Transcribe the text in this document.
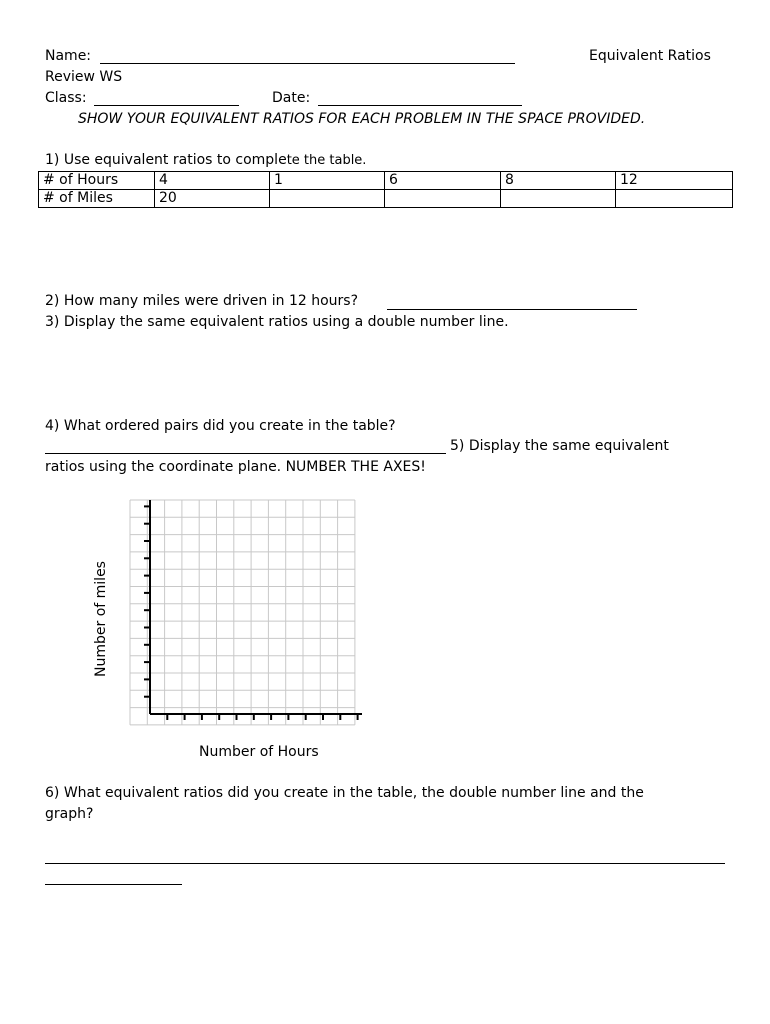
Name:	Equivalent Ratios
Review WS
Class:	Date:
SHOW YOUR EQUIVALENT RATIOS FOR EACH PROBLEM IN THE SPACE PROVIDED.
1) Use equivalent ratios to complete the table.
# of Hours	4	1	6	8	12
# of Miles	20				
2) How many miles were driven in 12 hours?
3) Display the same equivalent ratios using a double number line.
4) What ordered pairs did you create in the table?
5) Display the same equivalent
ratios using the coordinate plane. NUMBER THE AXES!
Number of miles
Number of Hours
6) What equivalent ratios did you create in the table, the double number line and the
graph?
